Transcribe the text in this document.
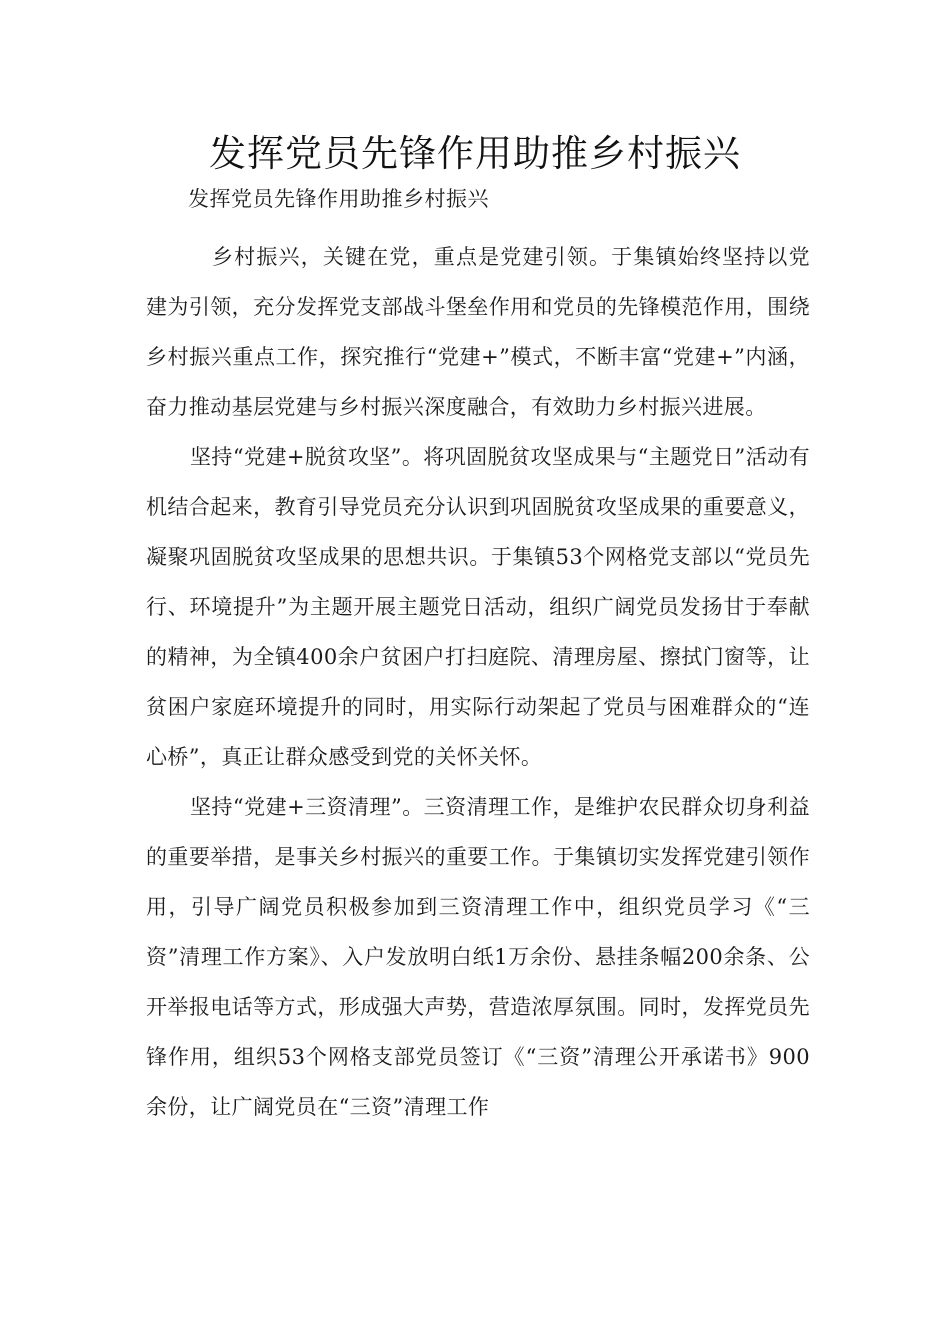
发挥党员先锋作用助推乡村振兴

发挥党员先锋作用助推乡村振兴

乡村振兴，关键在党，重点是党建引领。于集镇始终坚持以党建为引领，充分发挥党支部战斗堡垒作用和党员的先锋模范作用，围绕乡村振兴重点工作，探究推行“党建+”模式，不断丰富“党建+”内涵，奋力推动基层党建与乡村振兴深度融合，有效助力乡村振兴进展。

坚持“党建+脱贫攻坚”。将巩固脱贫攻坚成果与“主题党日”活动有机结合起来，教育引导党员充分认识到巩固脱贫攻坚成果的重要意义，凝聚巩固脱贫攻坚成果的思想共识。于集镇53个网格党支部以“党员先行、环境提升”为主题开展主题党日活动，组织广阔党员发扬甘于奉献的精神，为全镇400余户贫困户打扫庭院、清理房屋、擦拭门窗等，让贫困户家庭环境提升的同时，用实际行动架起了党员与困难群众的“连心桥”，真正让群众感受到党的关怀关怀。

坚持“党建+三资清理”。三资清理工作，是维护农民群众切身利益的重要举措，是事关乡村振兴的重要工作。于集镇切实发挥党建引领作用，引导广阔党员积极参加到三资清理工作中，组织党员学习《“三资”清理工作方案》、入户发放明白纸1万余份、悬挂条幅200余条、公开举报电话等方式，形成强大声势，营造浓厚氛围。同时，发挥党员先锋作用，组织53个网格支部党员签订《“三资”清理公开承诺书》900余份，让广阔党员在“三资”清理工作
